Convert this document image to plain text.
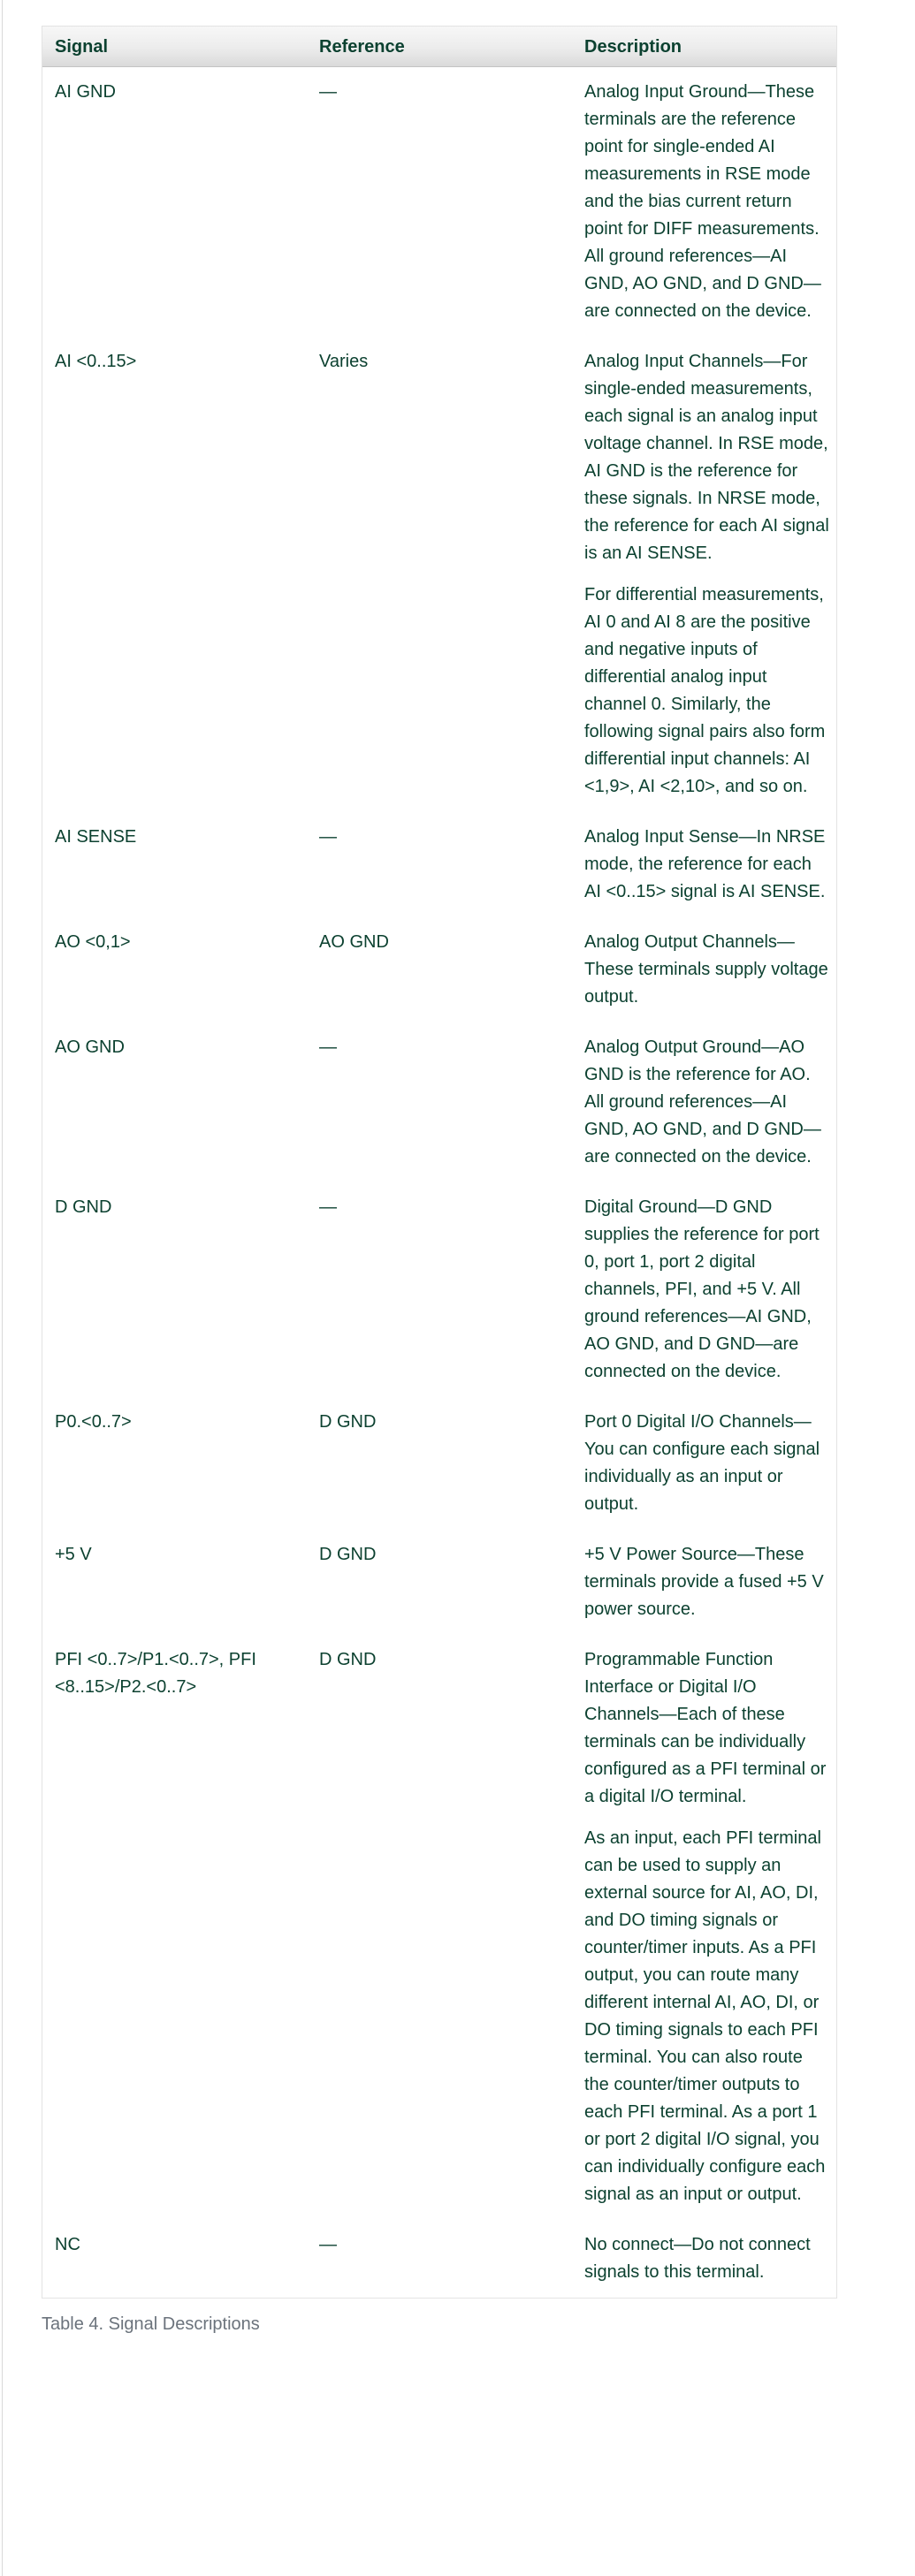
Signal	Reference	Description
AI GND	—	Analog Input Ground—These terminals are the reference point for single-ended AI measurements in RSE mode and the bias current return point for DIFF measurements. All ground references—AI GND, AO GND, and D GND—are connected on the device.

AI <0..15>	Varies	Analog Input Channels—For single-ended measurements, each signal is an analog input voltage channel. In RSE mode, AI GND is the reference for these signals. In NRSE mode, the reference for each AI signal is an AI SENSE.

For differential measurements, AI 0 and AI 8 are the positive and negative inputs of differential analog input channel 0. Similarly, the following signal pairs also form differential input channels: AI <1,9>, AI <2,10>, and so on.

AI SENSE	—	Analog Input Sense—In NRSE mode, the reference for each AI <0..15> signal is AI SENSE.

AO <0,1>	AO GND	Analog Output Channels—These terminals supply voltage output.

AO GND	—	Analog Output Ground—AO GND is the reference for AO. All ground references—AI GND, AO GND, and D GND—are connected on the device.

D GND	—	Digital Ground—D GND supplies the reference for port 0, port 1, port 2 digital channels, PFI, and +5 V. All ground references—AI GND, AO GND, and D GND—are connected on the device.

P0.<0..7>	D GND	Port 0 Digital I/O Channels—You can configure each signal individually as an input or output.

+5 V	D GND	+5 V Power Source—These terminals provide a fused +5 V power source.

PFI <0..7>/P1.<0..7>, PFI <8..15>/P2.<0..7>	D GND	Programmable Function Interface or Digital I/O Channels—Each of these terminals can be individually configured as a PFI terminal or a digital I/O terminal.

As an input, each PFI terminal can be used to supply an external source for AI, AO, DI, and DO timing signals or counter/timer inputs. As a PFI output, you can route many different internal AI, AO, DI, or DO timing signals to each PFI terminal. You can also route the counter/timer outputs to each PFI terminal. As a port 1 or port 2 digital I/O signal, you can individually configure each signal as an input or output.

NC	—	No connect—Do not connect signals to this terminal.

Table 4. Signal Descriptions
